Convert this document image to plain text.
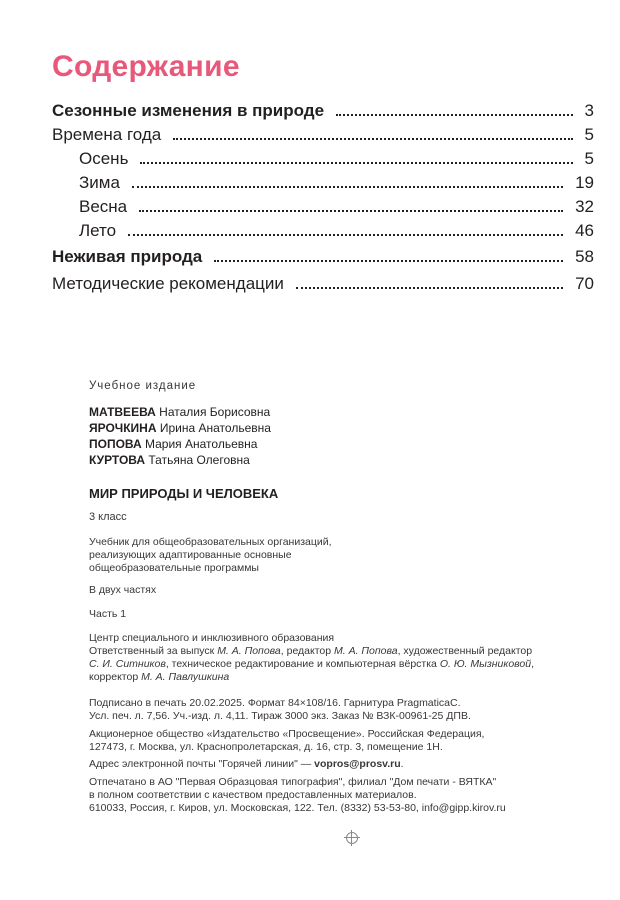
Содержание
Сезонные изменения в природе	3
Времена года	5
Осень	5
Зима	19
Весна	32
Лето	46
Неживая природа	58
Методические рекомендации	70
Учебное издание
МАТВЕЕВА Наталия Борисовна
ЯРОЧКИНА Ирина Анатольевна
ПОПОВА Мария Анатольевна
КУРТОВА Татьяна Олеговна
МИР ПРИРОДЫ И ЧЕЛОВЕКА
3 класс
Учебник для общеобразовательных организаций,
реализующих адаптированные основные
общеобразовательные программы
В двух частях
Часть 1
Центр специального и инклюзивного образования
Ответственный за выпуск М. А. Попова, редактор М. А. Попова, художественный редактор
С. И. Ситников, техническое редактирование и компьютерная вёрстка О. Ю. Мызниковой,
корректор М. А. Павлушкина
Подписано в печать 20.02.2025. Формат 84×108/16. Гарнитура PragmaticaC.
Усл. печ. л. 7,56. Уч.-изд. л. 4,11. Тираж 3000 экз. Заказ № ВЗК-00961-25 ДПВ.
Акционерное общество «Издательство «Просвещение». Российская Федерация,
127473, г. Москва, ул. Краснопролетарская, д. 16, стр. 3, помещение 1Н.
Адрес электронной почты "Горячей линии" — vopros@prosv.ru.
Отпечатано в АО "Первая Образцовая типография", филиал "Дом печати - ВЯТКА"
в полном соответствии с качеством предоставленных материалов.
610033, Россия, г. Киров, ул. Московская, 122. Тел. (8332) 53-53-80, info@gipp.kirov.ru
